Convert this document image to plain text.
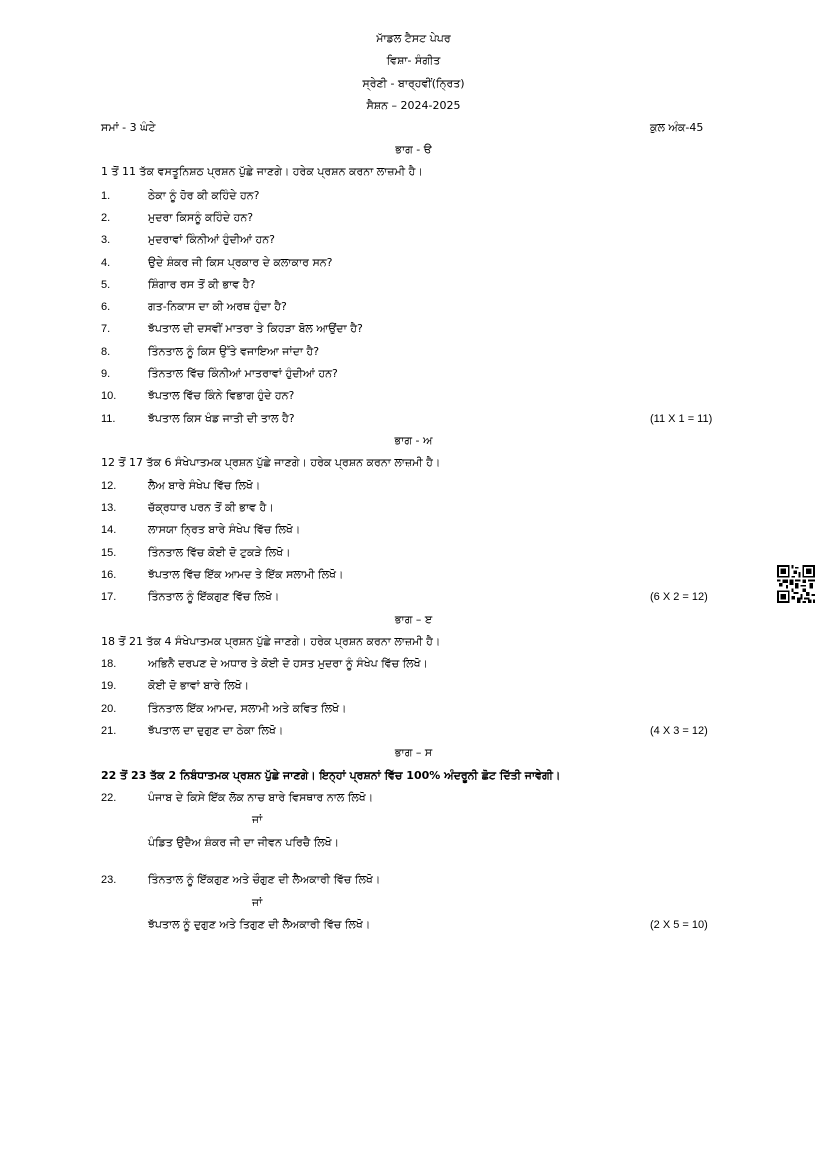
ਮਾੱਡਲ ਟੈਸਟ ਪੇਪਰ
ਵਿਸ਼ਾ- ਸੰਗੀਤ
ਸ੍ਰੇਣੀ - ਬਾਰ੍ਹਵੀਂ(ਨ੍ਰਿਤ)
ਸੈਸ਼ਨ – 2024-2025
ਸਮਾਂ - 3 ਘੰਟੇ	ਕੁਲ ਅੰਕ-45
ਭਾਗ - ੳ
1 ਤੋਂ 11 ਤੱਕ ਵਸਤੂਨਿਸ਼ਠ ਪ੍ਰਸ਼ਨ ਪੁੱਛੇ ਜਾਣਗੇ। ਹਰੇਕ ਪ੍ਰਸ਼ਨ ਕਰਨਾ ਲਾਜ਼ਮੀ ਹੈ।
1.	ਠੇਕਾ ਨੂੰ ਹੋਰ ਕੀ ਕਹਿੰਦੇ ਹਨ?
2.	ਮੁਦਰਾ ਕਿਸਨੂੰ ਕਹਿੰਦੇ ਹਨ?
3.	ਮੁਦਰਾਵਾਂ ਕਿੰਨੀਆਂ ਹੁੰਦੀਆਂ ਹਨ?
4.	ਉਦੇ ਸ਼ੰਕਰ ਜੀ ਕਿਸ ਪ੍ਰਕਾਰ ਦੇ ਕਲਾਕਾਰ ਸਨ?
5.	ਸ਼ਿੰਗਾਰ ਰਸ ਤੋਂ ਕੀ ਭਾਵ ਹੈ?
6.	ਗਤ-ਨਿਕਾਸ ਦਾ ਕੀ ਅਰਥ ਹੁੰਦਾ ਹੈ?
7.	ਝੱਪਤਾਲ ਦੀ ਦਸਵੀਂ ਮਾਤਰਾ ਤੇ ਕਿਹੜਾ ਬੋਲ ਆਉਂਦਾ ਹੈ?
8.	ਤਿੰਨਤਾਲ ਨੂੰ ਕਿਸ ਉੱਤੇ ਵਜਾਇਆ ਜਾਂਦਾ ਹੈ?
9.	ਤਿੰਨਤਾਲ ਵਿੱਚ ਕਿੰਨੀਆਂ ਮਾਤਰਾਵਾਂ ਹੁੰਦੀਆਂ ਹਨ?
10.	ਝੱਪਤਾਲ ਵਿੱਚ ਕਿੰਨੇ ਵਿਭਾਗ ਹੁੰਦੇ ਹਨ?
11.	ਝੱਪਤਾਲ ਕਿਸ ਖੰਡ ਜਾਤੀ ਦੀ ਤਾਲ ਹੈ?	(11 X 1 = 11)
ਭਾਗ - ਅ
12 ਤੋਂ 17 ਤੱਕ 6 ਸੰਖੇਪਾਤਮਕ ਪ੍ਰਸ਼ਨ ਪੁੱਛੇ ਜਾਣਗੇ। ਹਰੇਕ ਪ੍ਰਸ਼ਨ ਕਰਨਾ ਲਾਜ਼ਮੀ ਹੈ।
12.	ਲੈਅ ਬਾਰੇ ਸੰਖੇਪ ਵਿੱਚ ਲਿਖੋ।
13.	ਚੱਕ੍ਰਧਾਰ ਪਰਨ ਤੋਂ ਕੀ ਭਾਵ ਹੈ।
14.	ਲਾਸਯਾ ਨ੍ਰਿਤ ਬਾਰੇ ਸੰਖੇਪ ਵਿੱਚ ਲਿਖੋ।
15.	ਤਿੰਨਤਾਲ ਵਿੱਚ ਕੋਈ ਦੋ ਟੁਕੜੇ ਲਿਖੋ।
16.	ਝੱਪਤਾਲ ਵਿੱਚ ਇੱਕ ਆਮਦ ਤੇ ਇੱਕ ਸਲਾਮੀ ਲਿਖੋ।
17.	ਤਿੰਨਤਾਲ ਨੂੰ ਇੱਕਗੁਣ ਵਿੱਚ ਲਿਖੋ।	(6 X 2 = 12)
ਭਾਗ – ੲ
18 ਤੋਂ 21 ਤੱਕ 4 ਸੰਖੇਪਾਤਮਕ ਪ੍ਰਸ਼ਨ ਪੁੱਛੇ ਜਾਣਗੇ। ਹਰੇਕ ਪ੍ਰਸ਼ਨ ਕਰਨਾ ਲਾਜ਼ਮੀ ਹੈ।
18.	ਅਭਿਨੈ ਦਰਪਣ ਦੇ ਅਧਾਰ ਤੇ ਕੋਈ ਦੋ ਹਸਤ ਮੁਦਰਾ ਨੂੰ ਸੰਖੇਪ ਵਿੱਚ ਲਿਖੋ।
19.	ਕੋਈ ਦੋ ਭਾਵਾਂ ਬਾਰੇ ਲਿਖੋ।
20.	ਤਿੰਨਤਾਲ ਇੱਕ ਆਮਦ, ਸਲਾਮੀ ਅਤੇ ਕਵਿਤ ਲਿਖੋ।
21.	ਝੱਪਤਾਲ ਦਾ ਦੁਗੁਣ ਦਾ ਠੇਕਾ ਲਿਖੋ।	(4 X 3 = 12)
ਭਾਗ – ਸ
22 ਤੋਂ 23 ਤੱਕ 2 ਨਿਬੰਧਾਤਮਕ ਪ੍ਰਸ਼ਨ ਪੁੱਛੇ ਜਾਣਗੇ। ਇਨ੍ਹਾਂ ਪ੍ਰਸ਼ਨਾਂ ਵਿੱਚ 100% ਅੰਦਰੂਨੀ ਛੋਟ ਦਿੱਤੀ ਜਾਵੇਗੀ।
22.	ਪੰਜਾਬ ਦੇ ਕਿਸੇ ਇੱਕ ਲੋਕ ਨਾਚ ਬਾਰੇ ਵਿਸਥਾਰ ਨਾਲ ਲਿਖੋ।
ਜਾਂ
ਪੰਡਿਤ ਉਦੈਅ ਸ਼ੰਕਰ ਜੀ ਦਾ ਜੀਵਨ ਪਰਿਚੈ ਲਿਖੋ।
23.	ਤਿੰਨਤਾਲ ਨੂੰ ਇੱਕਗੁਣ ਅਤੇ ਚੌਗੁਣ ਦੀ ਲੈਅਕਾਰੀ ਵਿੱਚ ਲਿਖੋ।
ਜਾਂ
ਝੱਪਤਾਲ ਨੂੰ ਦੁਗੁਣ ਅਤੇ ਤਿਗੁਣ ਦੀ ਲੈਅਕਾਰੀ ਵਿੱਚ ਲਿਖੋ।	(2 X 5 = 10)
